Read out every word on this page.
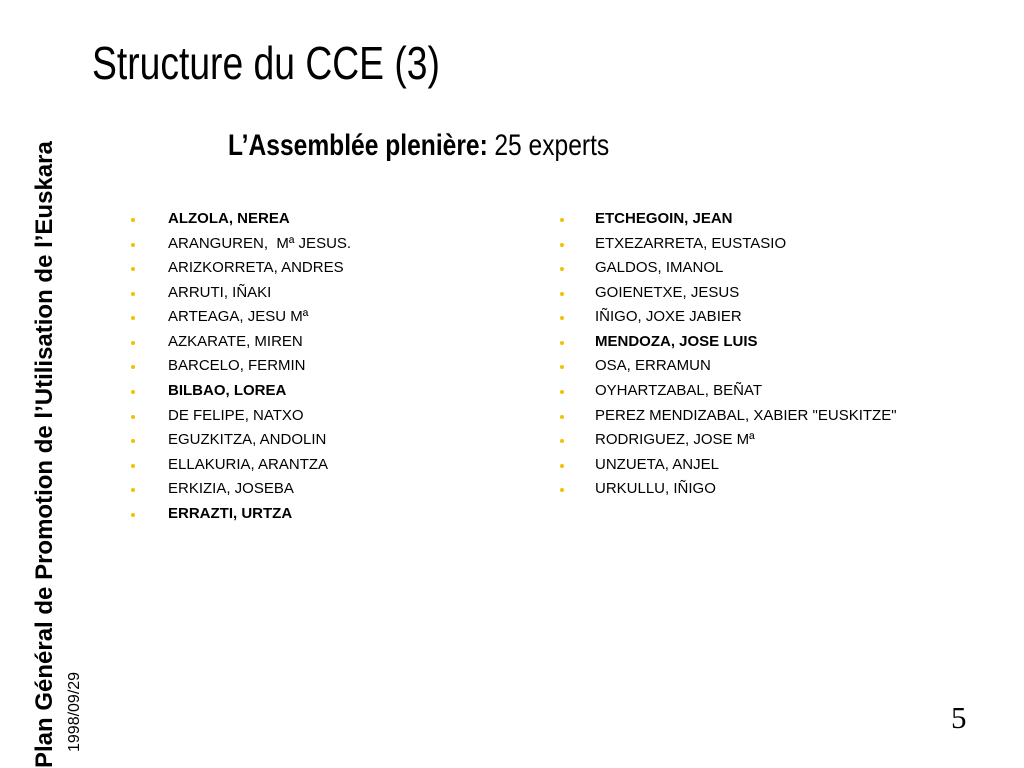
Plan Général de Promotion de l’Utilisation de l’Euskara 1998/09/29
Structure du CCE (3)
L’Assemblée plenière: 25 experts
ALZOLA, NEREA
ARANGUREN,  Mª JESUS.
ARIZKORRETA, ANDRES
ARRUTI, IÑAKI
ARTEAGA, JESU Mª
AZKARATE, MIREN
BARCELO, FERMIN
BILBAO, LOREA
DE FELIPE, NATXO
EGUZKITZA, ANDOLIN
ELLAKURIA, ARANTZA
ERKIZIA, JOSEBA
ERRAZTI, URTZA
ETCHEGOIN, JEAN
ETXEZARRETA, EUSTASIO
GALDOS, IMANOL
GOIENETXE, JESUS
IÑIGO, JOXE JABIER
MENDOZA, JOSE LUIS
OSA, ERRAMUN
OYHARTZABAL, BEÑAT
PEREZ MENDIZABAL, XABIER "EUSKITZE"
RODRIGUEZ, JOSE Mª
UNZUETA, ANJEL
URKULLU, IÑIGO
5
